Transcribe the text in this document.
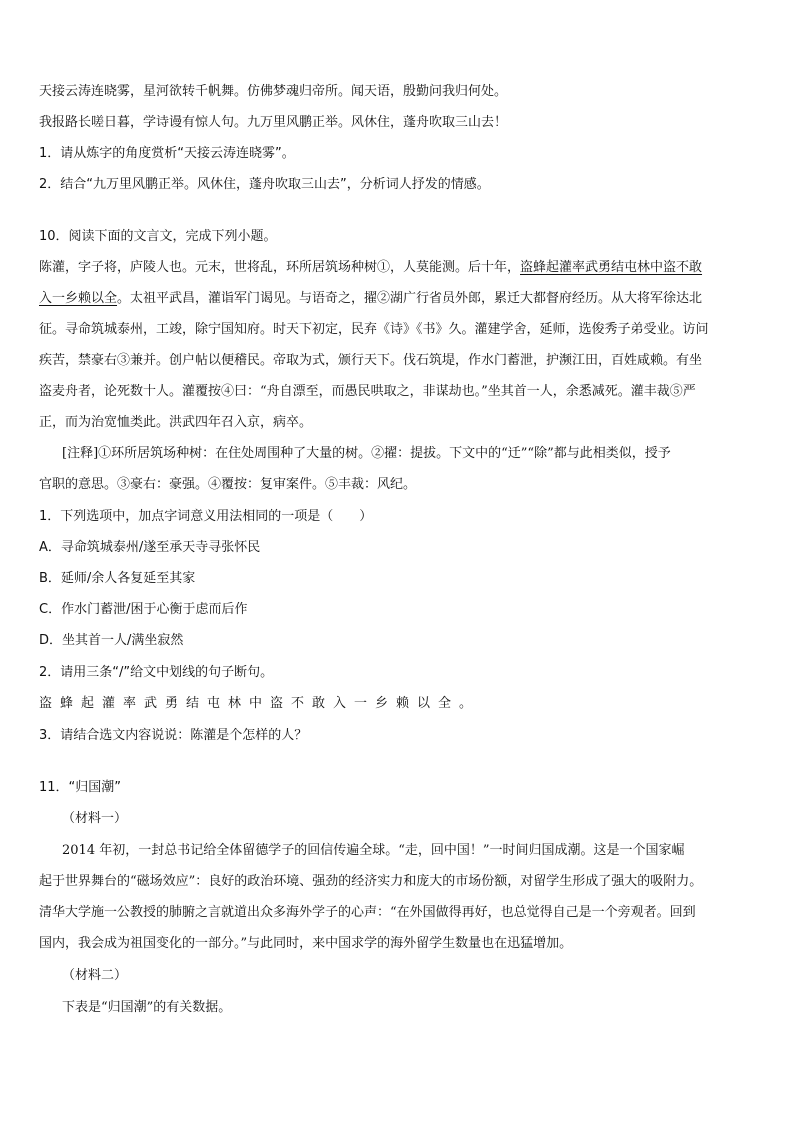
天接云涛连晓雾，星河欲转千帆舞。仿佛梦魂归帝所。闻天语，殷勤问我归何处。
我报路长嗟日暮，学诗谩有惊人句。九万里风鹏正举。风休住，蓬舟吹取三山去！
1．请从炼字的角度赏析“天接云涛连晓雾”。
2．结合“九万里风鹏正举。风休住，蓬舟吹取三山去”，分析词人抒发的情感。
10．阅读下面的文言文，完成下列小题。
陈灌，字子将，庐陵人也。元末，世将乱，环所居筑场种树①，人莫能测。后十年，盗蜂起灌率武勇结屯林中盗不敢
入一乡赖以全。太祖平武昌，灌诣军门谒见。与语奇之，擢②湖广行省员外郎，累迁大都督府经历。从大将军徐达北
征。寻命筑城泰州，工竣，除宁国知府。时天下初定，民弃《诗》《书》久。灌建学舍，延师，选俊秀子弟受业。访问
疾苦，禁豪右③兼并。创户帖以便稽民。帝取为式，颁行天下。伐石筑堤，作水门蓄泄，护濒江田，百姓咸赖。有坐
盗麦舟者，论死数十人。灌覆按④曰：“舟自漂至，而愚民哄取之，非谋劫也。”坐其首一人，余悉减死。灌丰裁⑤严
正，而为治宽恤类此。洪武四年召入京，病卒。
[注释]①环所居筑场种树：在住处周围种了大量的树。②擢：提拔。下文中的“迁”“除”都与此相类似，授予
官职的意思。③豪右：豪强。④覆按：复审案件。⑤丰裁：风纪。
1．下列选项中，加点字词意义用法相同的一项是（　　）
A．寻命筑城泰州/遂至承天寺寻张怀民
B．延师/余人各复延至其家
C．作水门蓄泄/困于心衡于虑而后作
D．坐其首一人/满坐寂然
2．请用三条“/”给文中划线的句子断句。
盗蜂起灌率武勇结屯林中盗不敢入一乡赖以全。
3．请结合选文内容说说：陈灌是个怎样的人？
11．“归国潮”
（材料一）
2014 年初，一封总书记给全体留德学子的回信传遍全球。“走，回中国！”一时间归国成潮。这是一个国家崛
起于世界舞台的“磁场效应”：良好的政治环境、强劲的经济实力和庞大的市场份额，对留学生形成了强大的吸附力。
清华大学施一公教授的肺腑之言就道出众多海外学子的心声：“在外国做得再好，也总觉得自己是一个旁观者。回到
国内，我会成为祖国变化的一部分。”与此同时，来中国求学的海外留学生数量也在迅猛增加。
（材料二）
下表是“归国潮”的有关数据。
